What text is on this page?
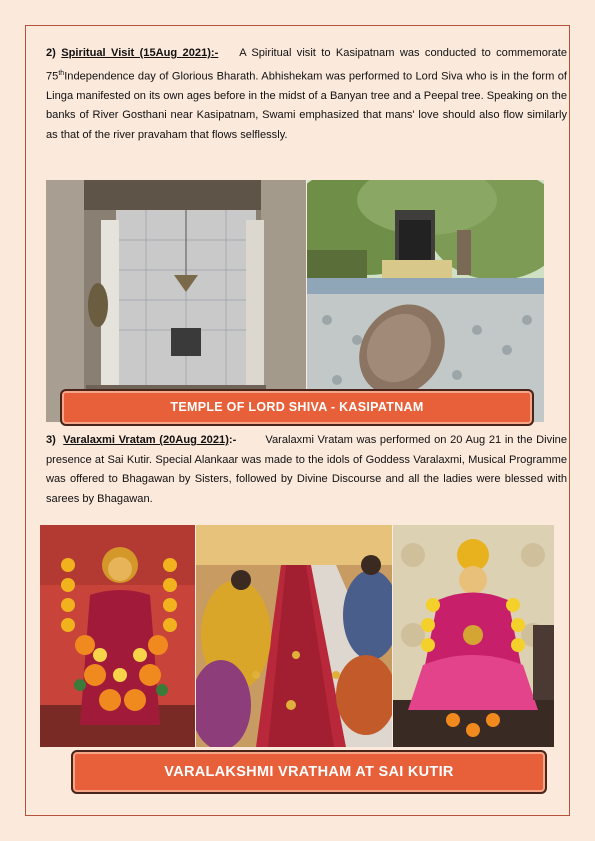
2) Spiritual Visit (15Aug 2021):- A Spiritual visit to Kasipatnam was conducted to commemorate 75thIndependence day of Glorious Bharath. Abhishekam was performed to Lord Siva who is in the form of Linga manifested on its own ages before in the midst of a Banyan tree and a Peepal tree. Speaking on the banks of River Gosthani near Kasipatnam, Swami emphasized that mans' love should also flow similarly as that of the river pravaham that flows selflessly.

TEMPLE OF LORD SHIVA - KASIPATNAM

3) Varalaxmi Vratam (20Aug 2021):-	Varalaxmi Vratam was performed on 20 Aug 21 in the Divine presence at Sai Kutir. Special Alankaar was made to the idols of Goddess Varalaxmi, Musical Programme was offered to Bhagawan by Sisters, followed by Divine Discourse and all the ladies were blessed with sarees by Bhagawan.

VARALAKSHMI VRATHAM AT SAI KUTIR
